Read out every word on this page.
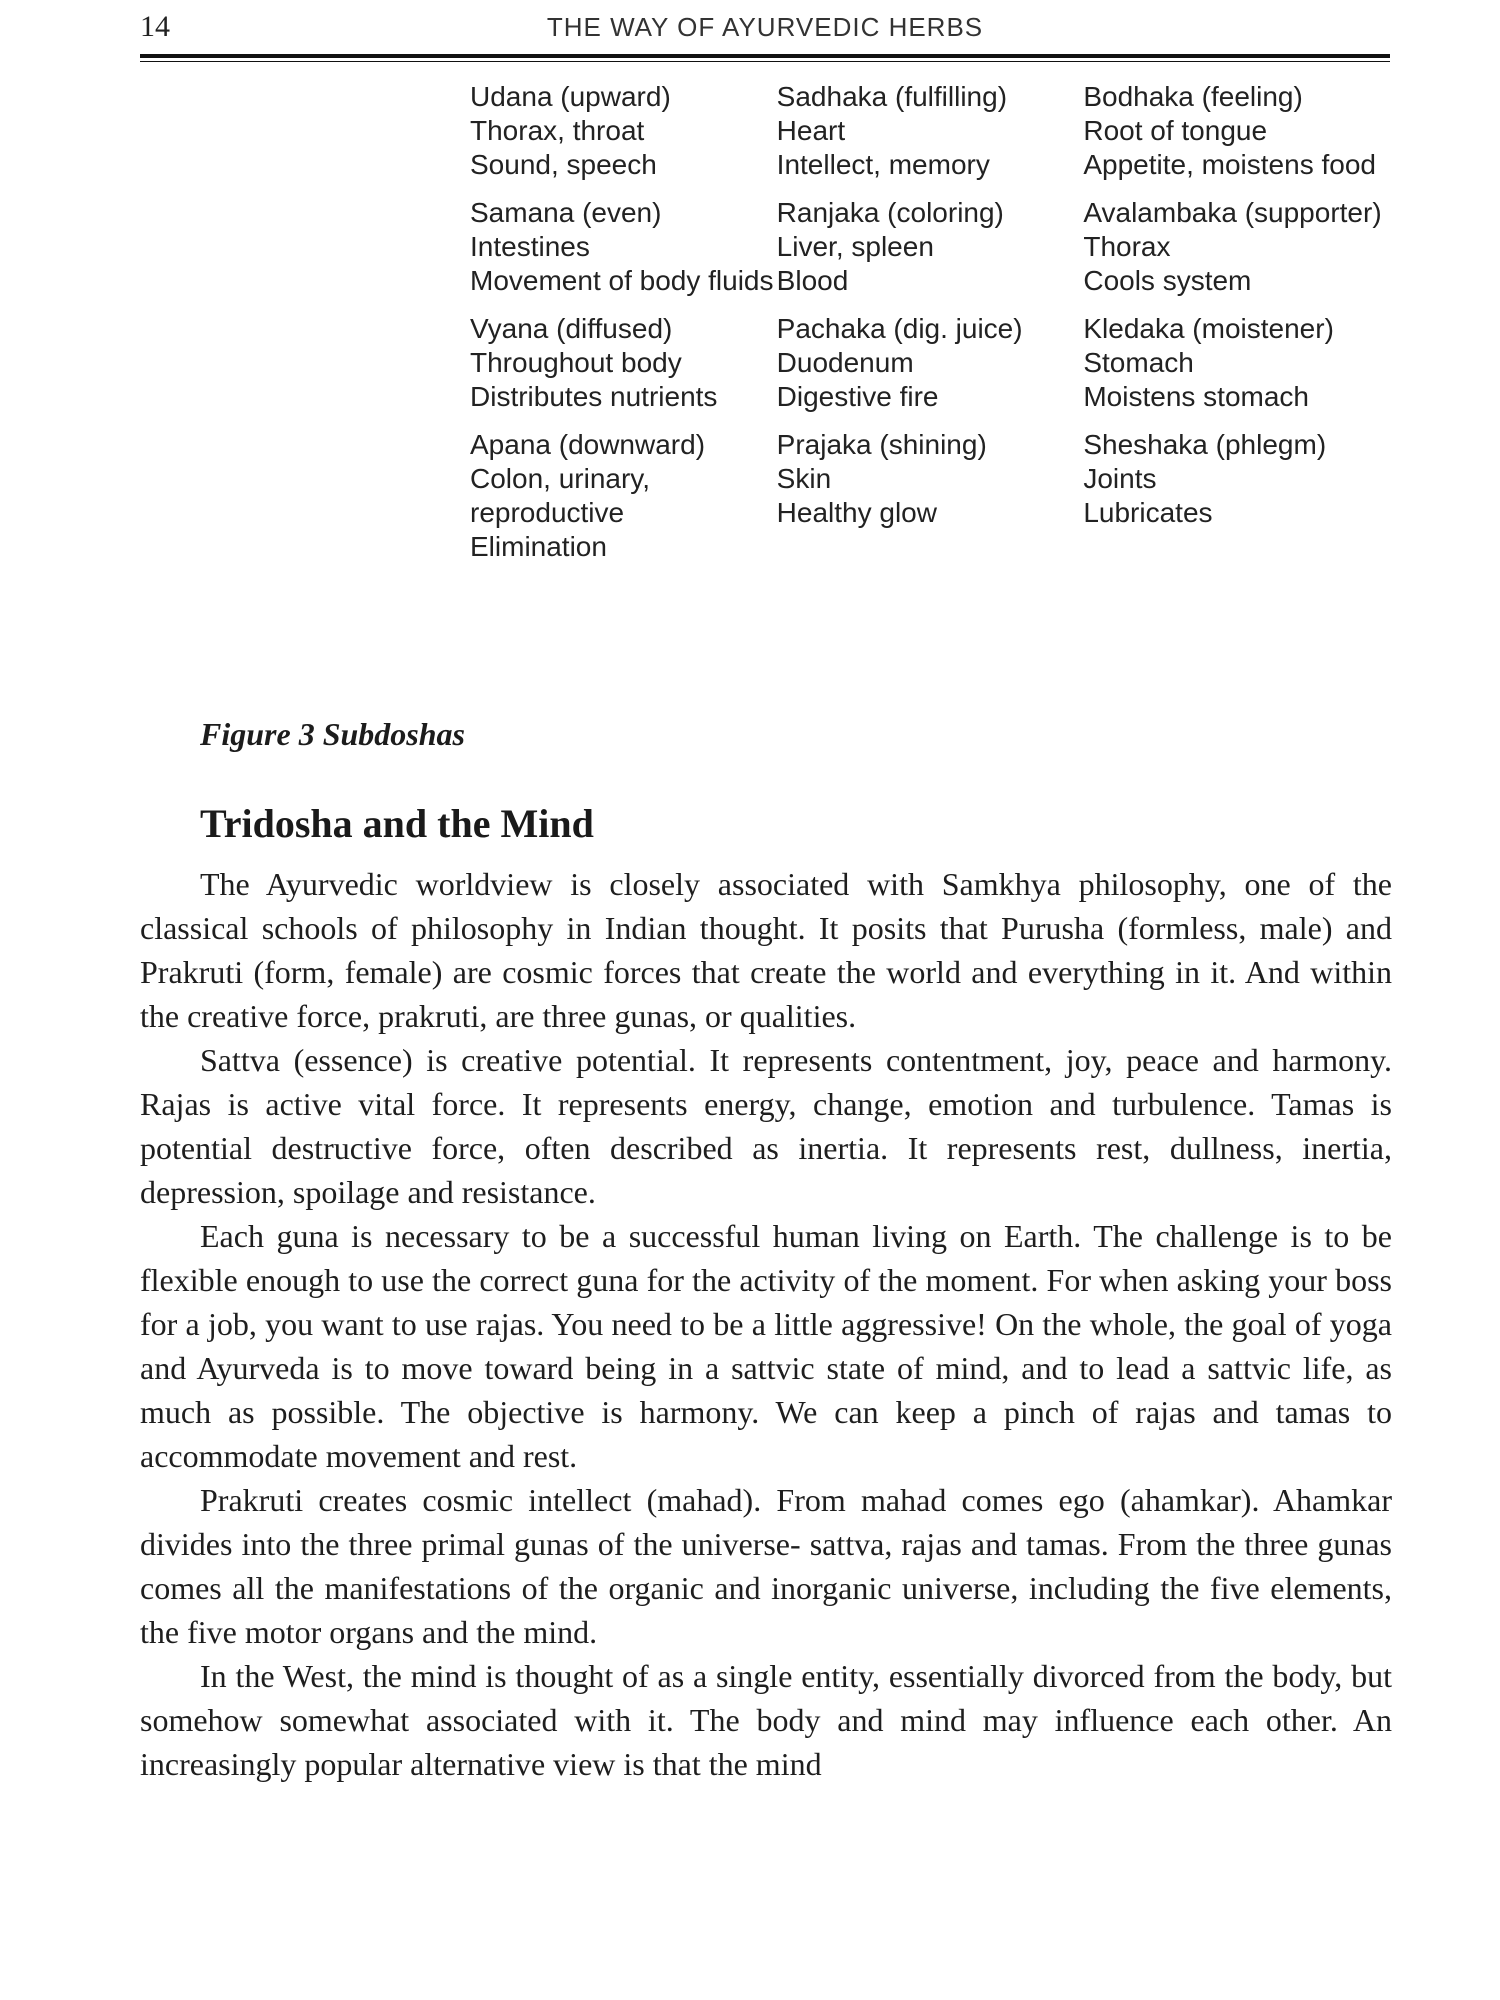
14	THE WAY OF AYURVEDIC HERBS
Udana (upward)
Thorax, throat
Sound, speech
Sadhaka (fulfilling)
Heart
Intellect, memory
Bodhaka (feeling)
Root of tongue
Appetite, moistens food
Samana (even)
Intestines
Movement of body fluids
Ranjaka (coloring)
Liver, spleen
Blood
Avalambaka (supporter)
Thorax
Cools system
Vyana (diffused)
Throughout body
Distributes nutrients
Pachaka (dig. juice)
Duodenum
Digestive fire
Kledaka (moistener)
Stomach
Moistens stomach
Apana (downward)
Colon, urinary, reproductive
Elimination
Prajaka (shining)
Skin
Healthy glow
Sheshaka (phlegm)
Joints
Lubricates
Figure 3 Subdoshas
Tridosha and the Mind

The Ayurvedic worldview is closely associated with Samkhya philosophy, one of the classical schools of philosophy in Indian thought. It posits that Purusha (formless, male) and Prakruti (form, female) are cosmic forces that create the world and everything in it. And within the creative force, prakruti, are three gunas, or qualities.

Sattva (essence) is creative potential. It represents contentment, joy, peace and harmony. Rajas is active vital force. It represents energy, change, emotion and turbulence. Tamas is potential destructive force, often described as inertia. It represents rest, dullness, inertia, depression, spoilage and resistance.

Each guna is necessary to be a successful human living on Earth. The challenge is to be flexible enough to use the correct guna for the activity of the moment. For when asking your boss for a job, you want to use rajas. You need to be a little aggressive! On the whole, the goal of yoga and Ayurveda is to move toward being in a sattvic state of mind, and to lead a sattvic life, as much as possible. The objective is harmony. We can keep a pinch of rajas and tamas to accommodate movement and rest.

Prakruti creates cosmic intellect (mahad). From mahad comes ego (ahamkar). Ahamkar divides into the three primal gunas of the universe- sattva, rajas and tamas. From the three gunas comes all the manifestations of the organic and inorganic universe, including the five elements, the five motor organs and the mind.

In the West, the mind is thought of as a single entity, essentially divorced from the body, but somehow somewhat associated with it. The body and mind may influence each other. An increasingly popular alternative view is that the mind
